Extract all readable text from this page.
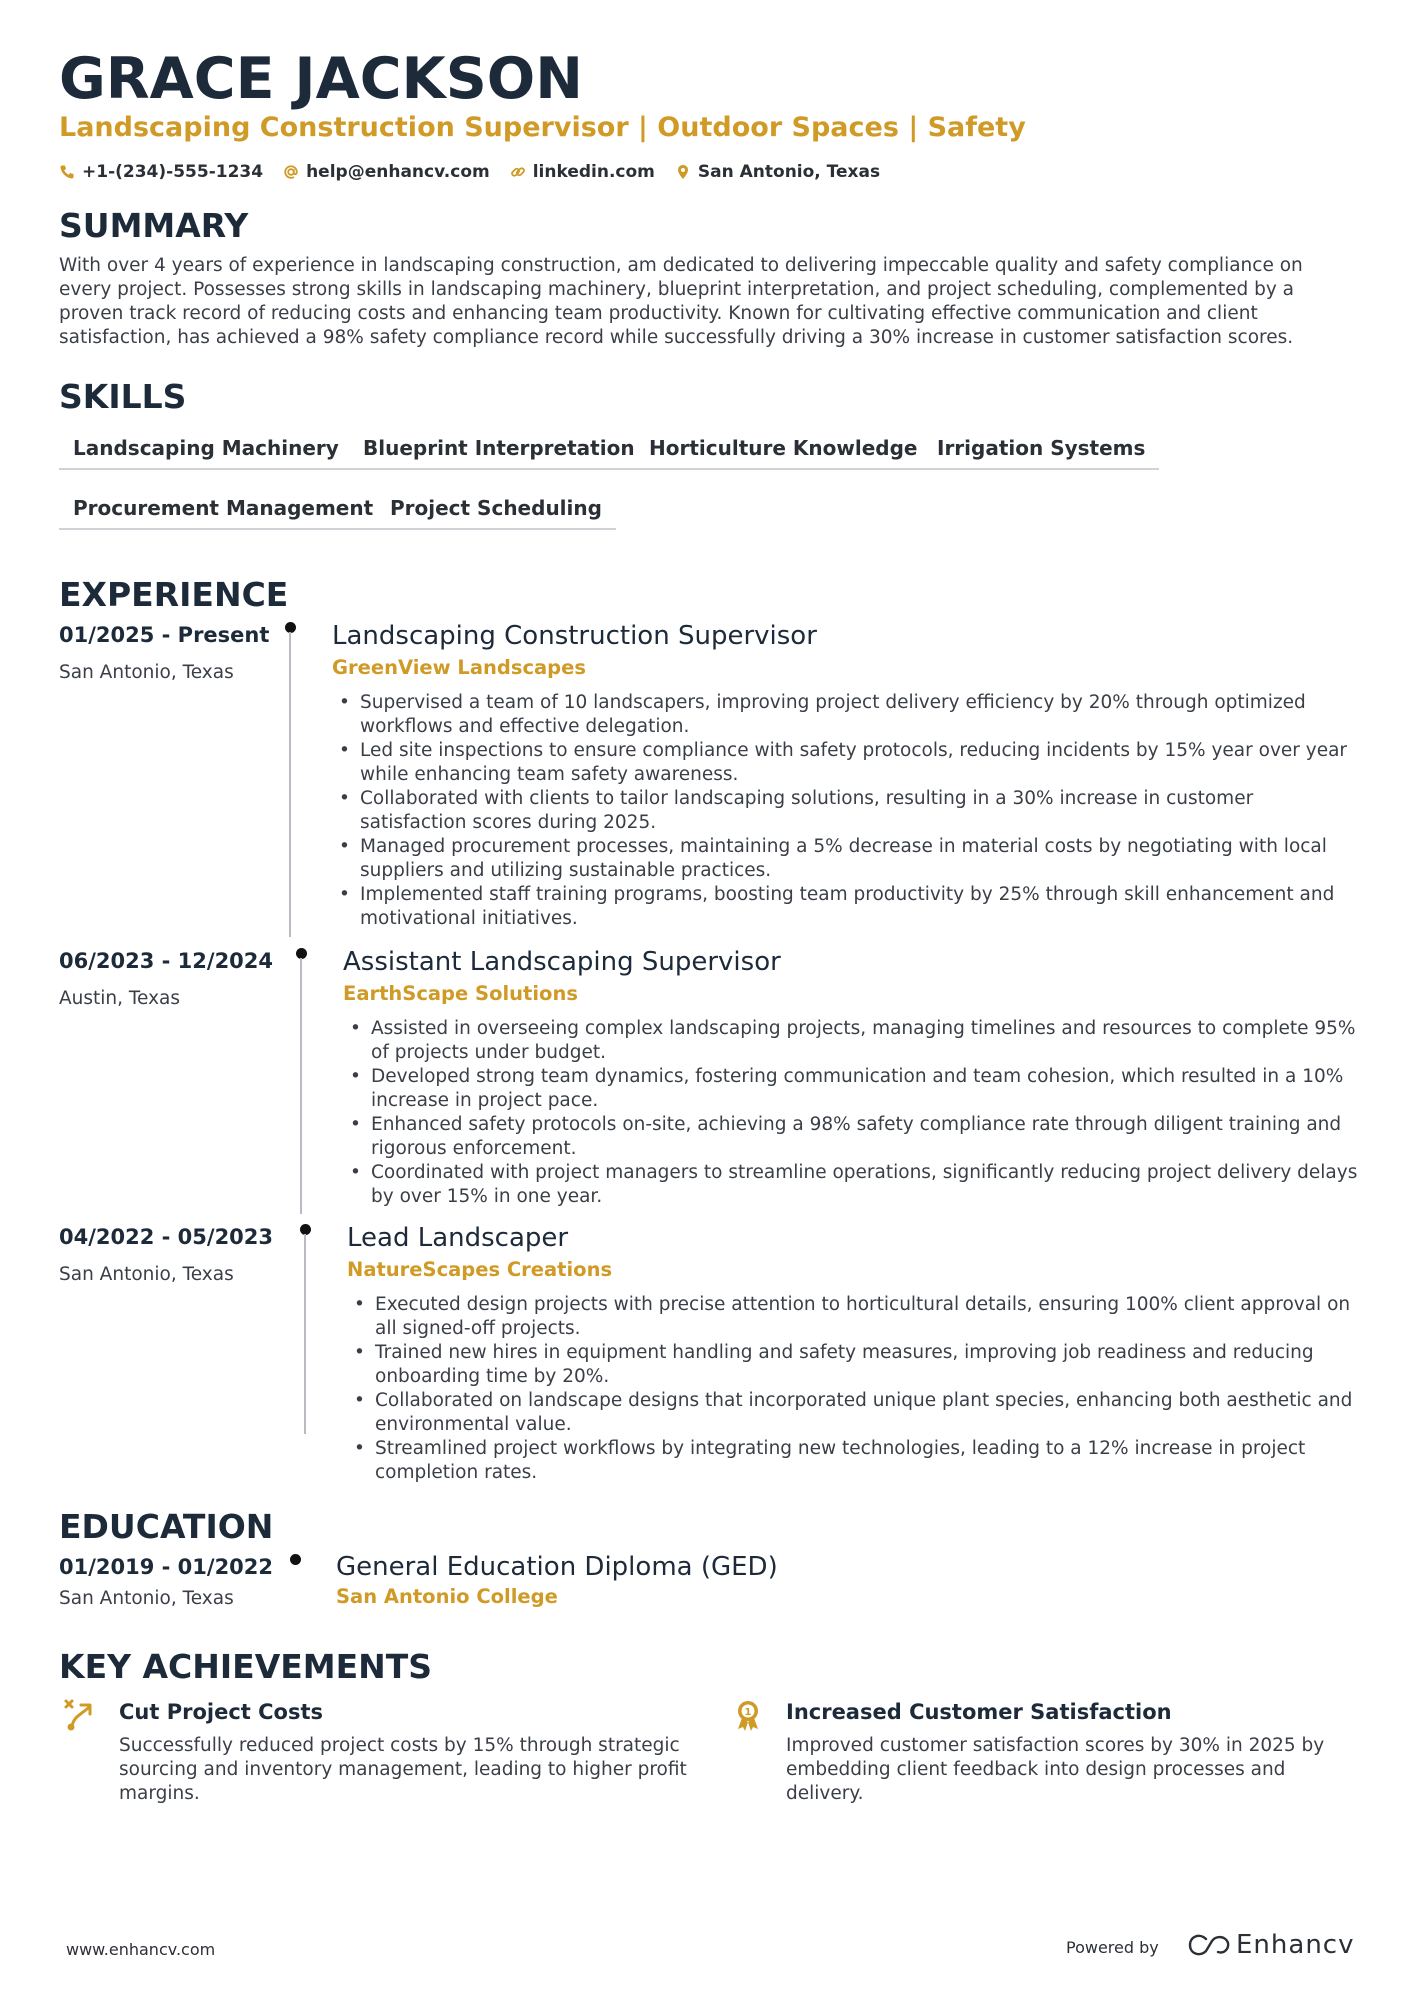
GRACE JACKSON
Landscaping Construction Supervisor | Outdoor Spaces | Safety
+1-(234)-555-1234	help@enhancv.com	linkedin.com	San Antonio, Texas
SUMMARY
With over 4 years of experience in landscaping construction, am dedicated to delivering impeccable quality and safety compliance on every project. Possesses strong skills in landscaping machinery, blueprint interpretation, and project scheduling, complemented by a proven track record of reducing costs and enhancing team productivity. Known for cultivating effective communication and client satisfaction, has achieved a 98% safety compliance record while successfully driving a 30% increase in customer satisfaction scores.
SKILLS
Landscaping Machinery	Blueprint Interpretation Horticulture Knowledge Irrigation Systems
Procurement Management Project Scheduling
EXPERIENCE
01/2025 - Present
San Antonio, Texas
Landscaping Construction Supervisor
GreenView Landscapes
• Supervised a team of 10 landscapers, improving project delivery efficiency by 20% through optimized workflows and effective delegation.
• Led site inspections to ensure compliance with safety protocols, reducing incidents by 15% year over year while enhancing team safety awareness.
• Collaborated with clients to tailor landscaping solutions, resulting in a 30% increase in customer satisfaction scores during 2025.
• Managed procurement processes, maintaining a 5% decrease in material costs by negotiating with local suppliers and utilizing sustainable practices.
• Implemented staff training programs, boosting team productivity by 25% through skill enhancement and motivational initiatives.
06/2023 - 12/2024
Austin, Texas
Assistant Landscaping Supervisor
EarthScape Solutions
• Assisted in overseeing complex landscaping projects, managing timelines and resources to complete 95% of projects under budget.
• Developed strong team dynamics, fostering communication and team cohesion, which resulted in a 10% increase in project pace.
• Enhanced safety protocols on-site, achieving a 98% safety compliance rate through diligent training and rigorous enforcement.
• Coordinated with project managers to streamline operations, significantly reducing project delivery delays by over 15% in one year.
04/2022 - 05/2023
San Antonio, Texas
Lead Landscaper
NatureScapes Creations
• Executed design projects with precise attention to horticultural details, ensuring 100% client approval on all signed-off projects.
• Trained new hires in equipment handling and safety measures, improving job readiness and reducing onboarding time by 20%.
• Collaborated on landscape designs that incorporated unique plant species, enhancing both aesthetic and environmental value.
• Streamlined project workflows by integrating new technologies, leading to a 12% increase in project completion rates.
EDUCATION
01/2019 - 01/2022
San Antonio, Texas
General Education Diploma (GED)
San Antonio College
KEY ACHIEVEMENTS
Cut Project Costs
Successfully reduced project costs by 15% through strategic sourcing and inventory management, leading to higher profit margins.
1 Increased Customer Satisfaction
Improved customer satisfaction scores by 30% in 2025 by embedding client feedback into design processes and delivery.
www.enhancv.com	Powered by	Enhancv
